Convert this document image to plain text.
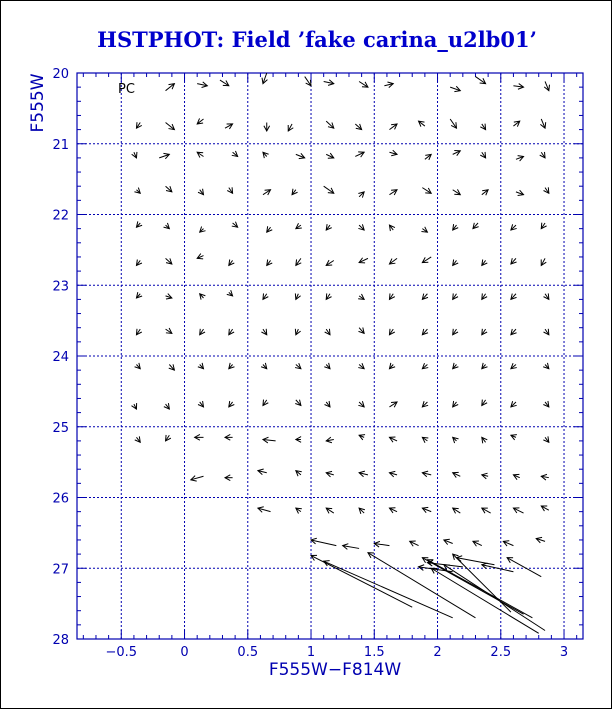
HSTPHOT: Field ’fake carina_u2lb01’
−0.5	0	0.5	1	1.5	2	2.5	3
20
21
22
23
24
25
26
27
28
PC
F555W−F814W
F555W
